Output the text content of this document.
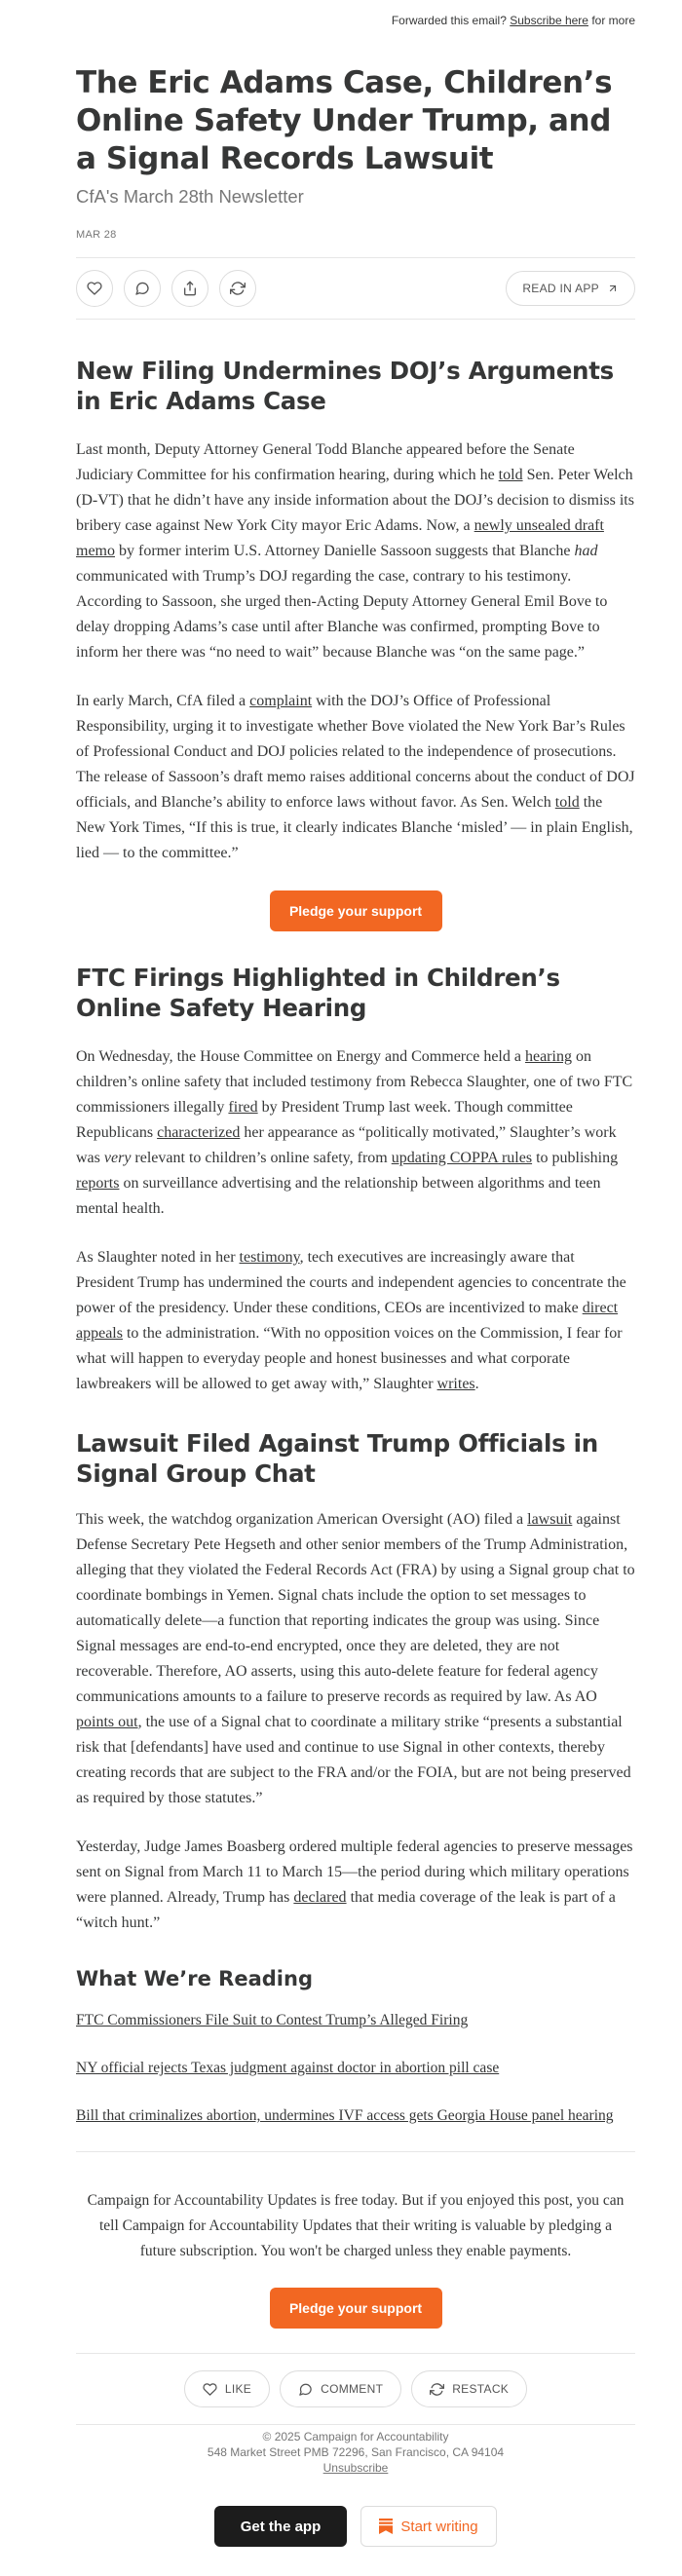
Forwarded this email? Subscribe here for more
The Eric Adams Case, Children’s Online Safety Under Trump, and a Signal Records Lawsuit
CfA's March 28th Newsletter
MAR 28
READ IN APP
New Filing Undermines DOJ’s Arguments in Eric Adams Case

Last month, Deputy Attorney General Todd Blanche appeared before the Senate Judiciary Committee for his confirmation hearing, during which he told Sen. Peter Welch (D-VT) that he didn’t have any inside information about the DOJ’s decision to dismiss its bribery case against New York City mayor Eric Adams. Now, a newly unsealed draft memo by former interim U.S. Attorney Danielle Sassoon suggests that Blanche had communicated with Trump’s DOJ regarding the case, contrary to his testimony. According to Sassoon, she urged then-Acting Deputy Attorney General Emil Bove to delay dropping Adams’s case until after Blanche was confirmed, prompting Bove to inform her there was “no need to wait” because Blanche was “on the same page.”

In early March, CfA filed a complaint with the DOJ’s Office of Professional Responsibility, urging it to investigate whether Bove violated the New York Bar’s Rules of Professional Conduct and DOJ policies related to the independence of prosecutions. The release of Sassoon’s draft memo raises additional concerns about the conduct of DOJ officials, and Blanche’s ability to enforce laws without favor. As Sen. Welch told the New York Times, “If this is true, it clearly indicates Blanche ‘misled’ — in plain English, lied — to the committee.”

Pledge your support
FTC Firings Highlighted in Children’s Online Safety Hearing

On Wednesday, the House Committee on Energy and Commerce held a hearing on children’s online safety that included testimony from Rebecca Slaughter, one of two FTC commissioners illegally fired by President Trump last week. Though committee Republicans characterized her appearance as “politically motivated,” Slaughter’s work was very relevant to children’s online safety, from updating COPPA rules to publishing reports on surveillance advertising and the relationship between algorithms and teen mental health.

As Slaughter noted in her testimony, tech executives are increasingly aware that President Trump has undermined the courts and independent agencies to concentrate the power of the presidency. Under these conditions, CEOs are incentivized to make direct appeals to the administration. “With no opposition voices on the Commission, I fear for what will happen to everyday people and honest businesses and what corporate lawbreakers will be allowed to get away with,” Slaughter writes.

Lawsuit Filed Against Trump Officials in Signal Group Chat

This week, the watchdog organization American Oversight (AO) filed a lawsuit against Defense Secretary Pete Hegseth and other senior members of the Trump Administration, alleging that they violated the Federal Records Act (FRA) by using a Signal group chat to coordinate bombings in Yemen. Signal chats include the option to set messages to automatically delete—a function that reporting indicates the group was using. Since Signal messages are end-to-end encrypted, once they are deleted, they are not recoverable. Therefore, AO asserts, using this auto-delete feature for federal agency communications amounts to a failure to preserve records as required by law. As AO points out, the use of a Signal chat to coordinate a military strike “presents a substantial risk that [defendants] have used and continue to use Signal in other contexts, thereby creating records that are subject to the FRA and/or the FOIA, but are not being preserved as required by those statutes.”

Yesterday, Judge James Boasberg ordered multiple federal agencies to preserve messages sent on Signal from March 11 to March 15—the period during which military operations were planned. Already, Trump has declared that media coverage of the leak is part of a “witch hunt.”

What We’re Reading

FTC Commissioners File Suit to Contest Trump’s Alleged Firing

NY official rejects Texas judgment against doctor in abortion pill case

Bill that criminalizes abortion, undermines IVF access gets Georgia House panel hearing

Campaign for Accountability Updates is free today. But if you enjoyed this post, you can tell Campaign for Accountability Updates that their writing is valuable by pledging a future subscription. You won't be charged unless they enable payments.

Pledge your support
LIKE	COMMENT	RESTACK
© 2025 Campaign for Accountability
548 Market Street PMB 72296, San Francisco, CA 94104
Unsubscribe
Get the app	Start writing
